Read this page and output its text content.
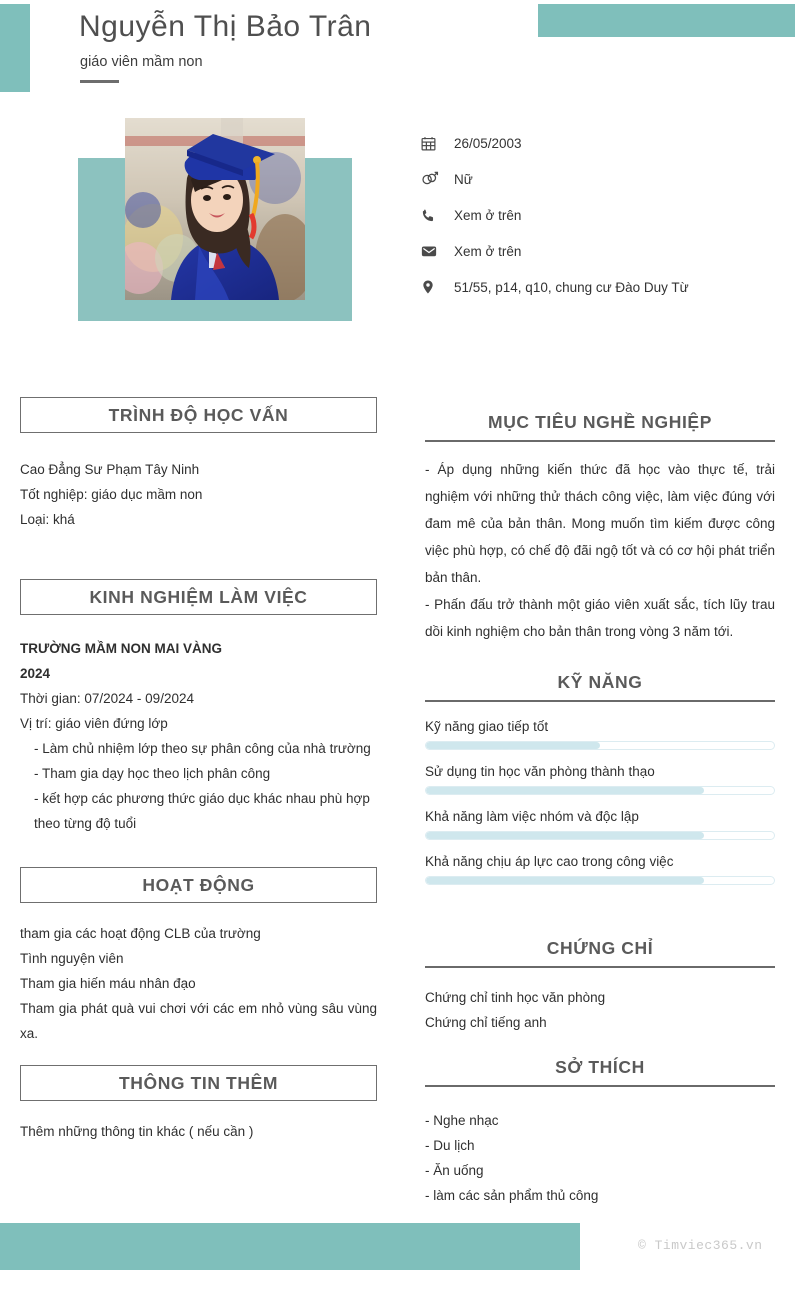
Nguyễn Thị Bảo Trân
giáo viên mầm non
26/05/2003
Nữ
Xem ở trên
Xem ở trên
51/55, p14, q10, chung cư Đào Duy Từ
TRÌNH ĐỘ HỌC VẤN
Cao Đẳng Sư Phạm Tây Ninh
Tốt nghiệp: giáo dục mầm non
Loại: khá
KINH NGHIỆM LÀM VIỆC
TRƯỜNG MẦM NON MAI VÀNG
2024
Thời gian: 07/2024 - 09/2024
Vị trí: giáo viên đứng lớp
- Làm chủ nhiệm lớp theo sự phân công của nhà trường
- Tham gia dạy học theo lịch phân công
- kết hợp các phương thức giáo dục khác nhau phù hợp
theo từng độ tuổi
HOẠT ĐỘNG
tham gia các hoạt động CLB của trường
Tình nguyện viên
Tham gia hiến máu nhân đạo
Tham gia phát quà vui chơi với các em nhỏ vùng sâu vùng xa.
THÔNG TIN THÊM
Thêm những thông tin khác ( nếu cần )
MỤC TIÊU NGHỀ NGHIỆP
- Áp dụng những kiến thức đã học vào thực tế, trải nghiệm với những thử thách công việc, làm việc đúng với đam mê của bản thân. Mong muốn tìm kiếm được công việc phù hợp, có chế độ đãi ngộ tốt và có cơ hội phát triển bản thân.
- Phấn đấu trở thành một giáo viên xuất sắc, tích lũy trau dồi kinh nghiệm cho bản thân trong vòng 3 năm tới.
KỸ NĂNG
Kỹ năng giao tiếp tốt
Sử dụng tin học văn phòng thành thạo
Khả năng làm việc nhóm và độc lập
Khả năng chịu áp lực cao trong công việc
CHỨNG CHỈ
Chứng chỉ tinh học văn phòng
Chứng chỉ tiếng anh
SỞ THÍCH
- Nghe nhạc
- Du lịch
- Ăn uống
- làm các sản phẩm thủ công
© Timviec365.vn
